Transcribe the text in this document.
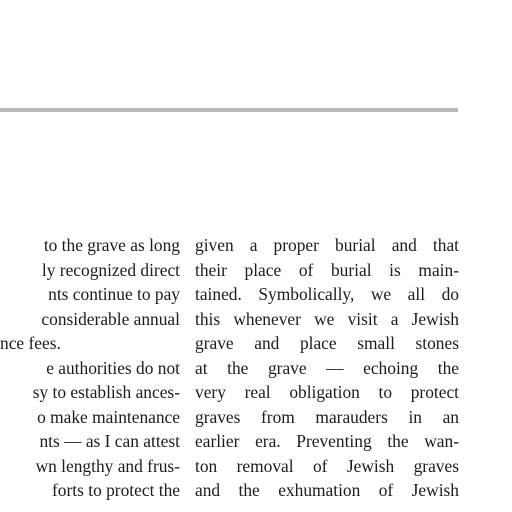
to the grave as long
ly recognized direct
nts continue to pay
considerable annual
nce fees.
e authorities do not
sy to establish ances-
o make maintenance
nts — as I can attest
wn lengthy and frus-
forts to protect the
given a proper burial and that
their place of burial is main-
tained. Symbolically, we all do
this whenever we visit a Jewish
grave and place small stones
at the grave — echoing the
very real obligation to protect
graves from marauders in an
earlier era. Preventing the wan-
ton removal of Jewish graves
and the exhumation of Jewish
